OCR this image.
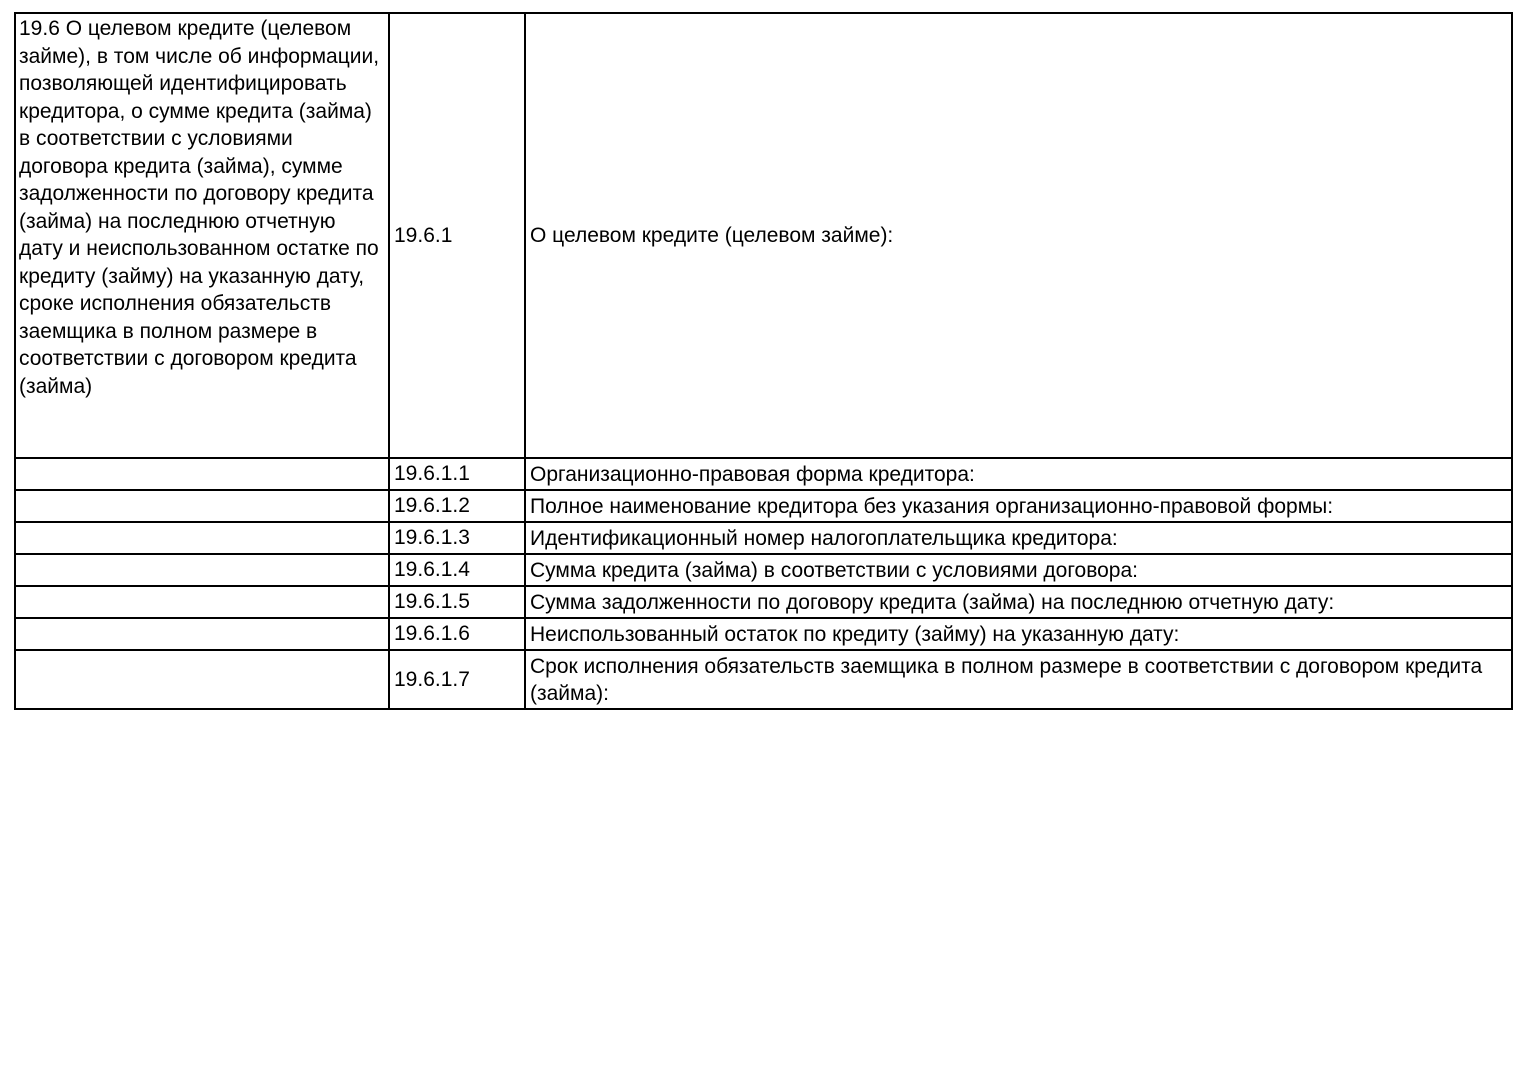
19.6 О целевом кредите (целевом займе), в том числе об информации, позволяющей идентифицировать кредитора, о сумме кредита (займа) в соответствии с условиями договора кредита (займа), сумме задолженности по договору кредита (займа) на последнюю отчетную дату и неиспользованном остатке по кредиту (займу) на указанную дату, сроке исполнения обязательств заемщика в полном размере в соответствии с договором кредита (займа)	19.6.1	О целевом кредите (целевом займе):
	19.6.1.1	Организационно-правовая форма кредитора:
	19.6.1.2	Полное наименование кредитора без указания организационно-правовой формы:
	19.6.1.3	Идентификационный номер налогоплательщика кредитора:
	19.6.1.4	Сумма кредита (займа) в соответствии с условиями договора:
	19.6.1.5	Сумма задолженности по договору кредита (займа) на последнюю отчетную дату:
	19.6.1.6	Неиспользованный остаток по кредиту (займу) на указанную дату:
	19.6.1.7	Срок исполнения обязательств заемщика в полном размере в соответствии с договором кредита (займа):
